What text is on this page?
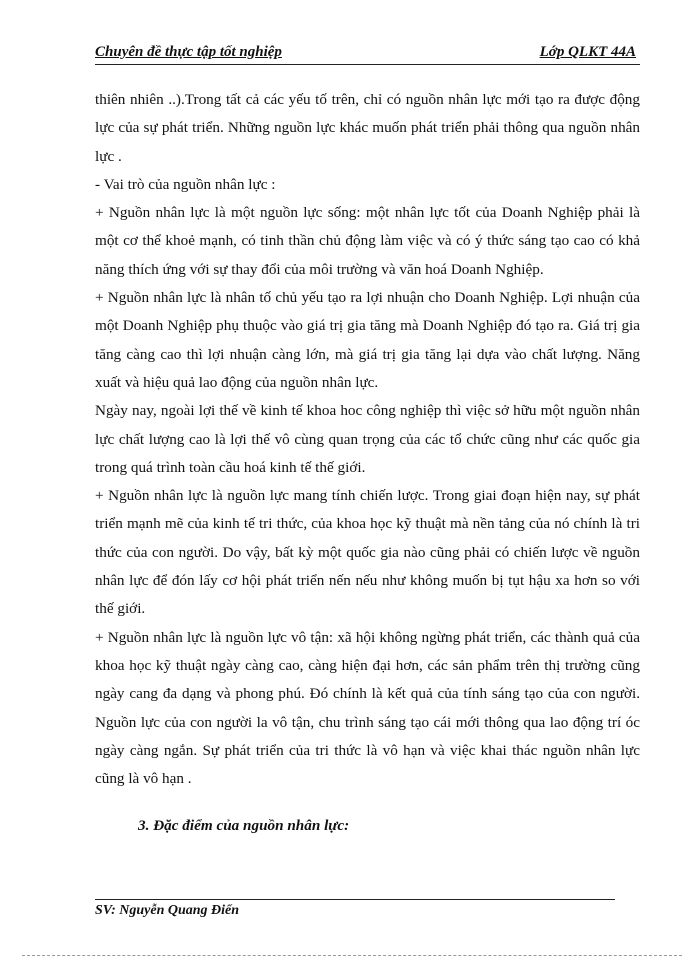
Chuyên đề thực tập tốt nghiệp	Lớp QLKT 44A

thiên nhiên ..).Trong tất cả các yếu tố trên, chỉ có nguồn nhân lực mới tạo ra được động lực của sự phát triển. Những nguồn lực khác muốn phát triển phải thông qua nguồn nhân lực .

- Vai trò của nguồn nhân lực :

+ Nguồn nhân lực là một nguồn lực sống: một nhân lực tốt của Doanh Nghiệp phải là một cơ thể khoẻ mạnh, có tinh thần chủ động làm việc và có ý thức sáng tạo cao có khả năng thích ứng với sự thay đổi của môi trường và văn hoá Doanh Nghiệp.

+ Nguồn nhân lực là nhân tố chủ yếu tạo ra lợi nhuận cho Doanh Nghiệp. Lợi nhuận của một Doanh Nghiệp phụ thuộc vào giá trị gia tăng mà Doanh Nghiệp đó tạo ra. Giá trị gia tăng càng cao thì lợi nhuận càng lớn, mà giá trị gia tăng lại dựa vào chất lượng. Năng xuất và hiệu quả lao động của nguồn nhân lực.

Ngày nay, ngoài lợi thế về kinh tế khoa hoc công nghiệp thì việc sở hữu một nguồn nhân lực chất lượng cao là lợi thế vô cùng quan trọng của các tổ chức cũng như các quốc gia trong quá trình toàn cầu hoá kinh tế thế giới.

+ Nguồn nhân lực là nguồn lực mang tính chiến lược. Trong giai đoạn hiện nay, sự phát triển mạnh mẽ của kinh tế tri thức, của khoa học kỹ thuật mà nền tảng của nó chính là tri thức của con người. Do vậy, bất kỳ một quốc gia nào cũng phải có chiến lược về nguồn nhân lực để đón lấy cơ hội phát triển nến nếu như không muốn bị tụt hậu xa hơn so với thế giới.

+ Nguồn nhân lực là nguồn lực vô tận: xã hội không ngừng phát triển, các thành quả của khoa học kỹ thuật ngày càng cao, càng hiện đại hơn, các sản phẩm trên thị trường cũng ngày cang đa dạng và phong phú. Đó chính là kết quả của tính sáng tạo của con người. Nguồn lực của con người la vô tận, chu trình sáng tạo cái mới thông qua lao động trí óc ngày càng ngắn. Sự phát triển của tri thức là vô hạn và việc khai thác nguồn nhân lực cũng là vô hạn .

3. Đặc điểm của nguồn nhân lực:
SV: Nguyễn Quang Điển
